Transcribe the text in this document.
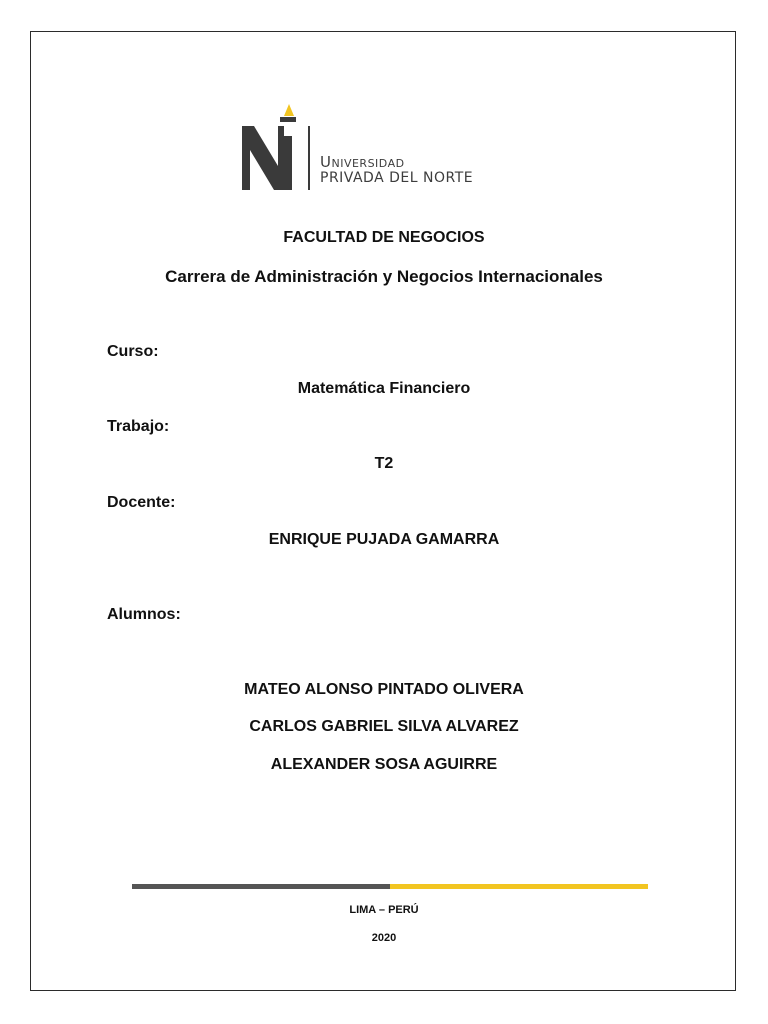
Universidad
PRIVADA DEL NORTE
FACULTAD DE NEGOCIOS
Carrera de Administración y Negocios Internacionales
Curso:
Matemática Financiero
Trabajo:
T2
Docente:
ENRIQUE PUJADA GAMARRA
Alumnos:
MATEO ALONSO PINTADO OLIVERA
CARLOS GABRIEL SILVA ALVAREZ
ALEXANDER SOSA AGUIRRE
LIMA – PERÚ
2020
